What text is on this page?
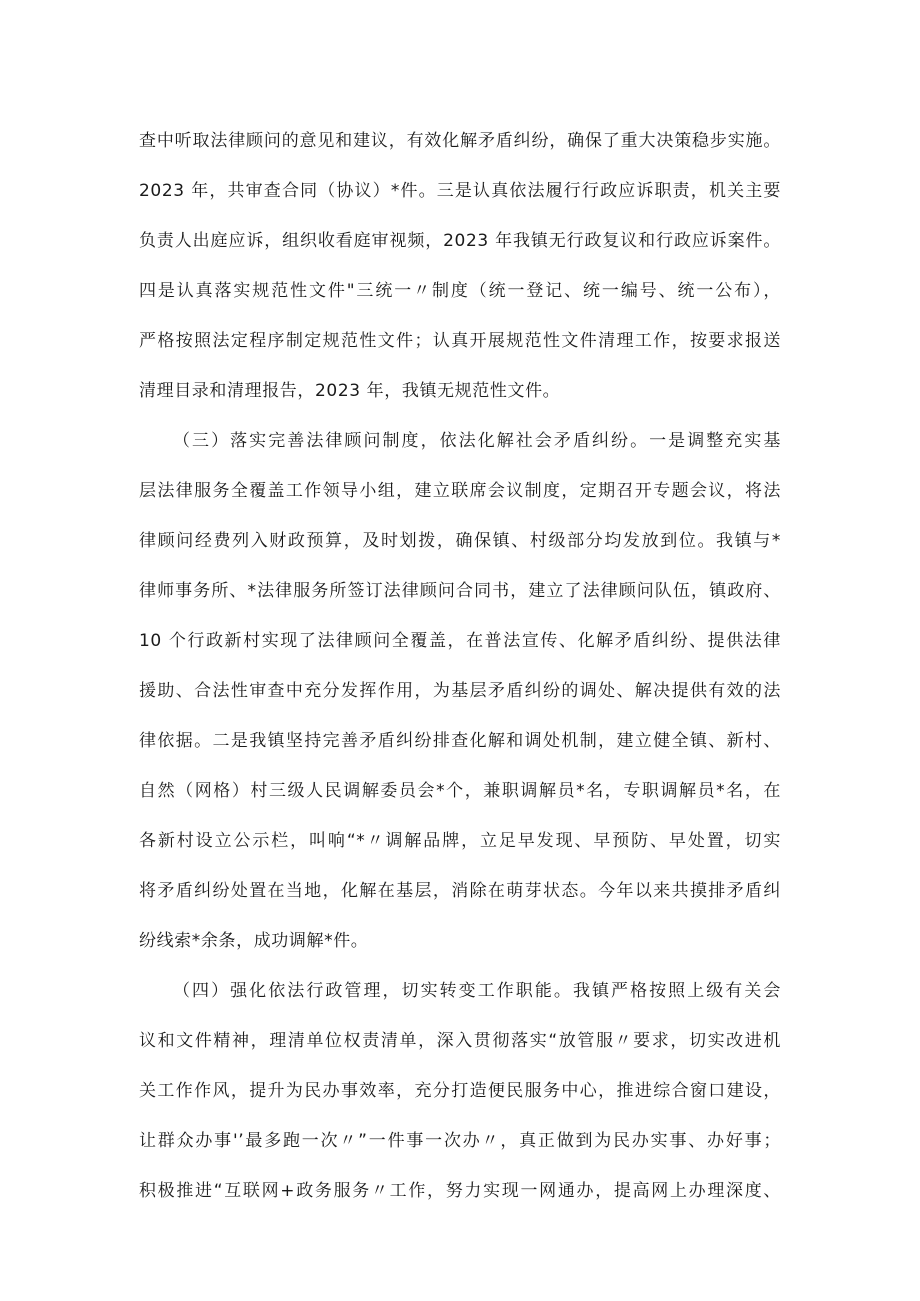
查中听取法律顾问的意见和建议，有效化解矛盾纠纷，确保了重大决策稳步实施。
2023 年，共审查合同（协议）*件。三是认真依法履行行政应诉职责，机关主要
负责人出庭应诉，组织收看庭审视频，2023 年我镇无行政复议和行政应诉案件。
四是认真落实规范性文件"三统一〃制度（统一登记、统一编号、统一公布），
严格按照法定程序制定规范性文件；认真开展规范性文件清理工作，按要求报送
清理目录和清理报告，2023 年，我镇无规范性文件。
（三）落实完善法律顾问制度，依法化解社会矛盾纠纷。一是调整充实基
层法律服务全覆盖工作领导小组，建立联席会议制度，定期召开专题会议，将法
律顾问经费列入财政预算，及时划拨，确保镇、村级部分均发放到位。我镇与*
律师事务所、*法律服务所签订法律顾问合同书，建立了法律顾问队伍，镇政府、
10 个行政新村实现了法律顾问全覆盖，在普法宣传、化解矛盾纠纷、提供法律
援助、合法性审查中充分发挥作用，为基层矛盾纠纷的调处、解决提供有效的法
律依据。二是我镇坚持完善矛盾纠纷排查化解和调处机制，建立健全镇、新村、
自然（网格）村三级人民调解委员会*个，兼职调解员*名，专职调解员*名，在
各新村设立公示栏，叫响“*〃调解品牌，立足早发现、早预防、早处置，切实
将矛盾纠纷处置在当地，化解在基层，消除在萌芽状态。今年以来共摸排矛盾纠
纷线索*余条，成功调解*件。
（四）强化依法行政管理，切实转变工作职能。我镇严格按照上级有关会
议和文件精神，理清单位权责清单，深入贯彻落实“放管服〃要求，切实改进机
关工作作风，提升为民办事效率，充分打造便民服务中心，推进综合窗口建设，
让群众办事'’最多跑一次〃”一件事一次办〃，真正做到为民办实事、办好事；
积极推进“互联网+政务服务〃工作，努力实现一网通办，提高网上办理深度、
